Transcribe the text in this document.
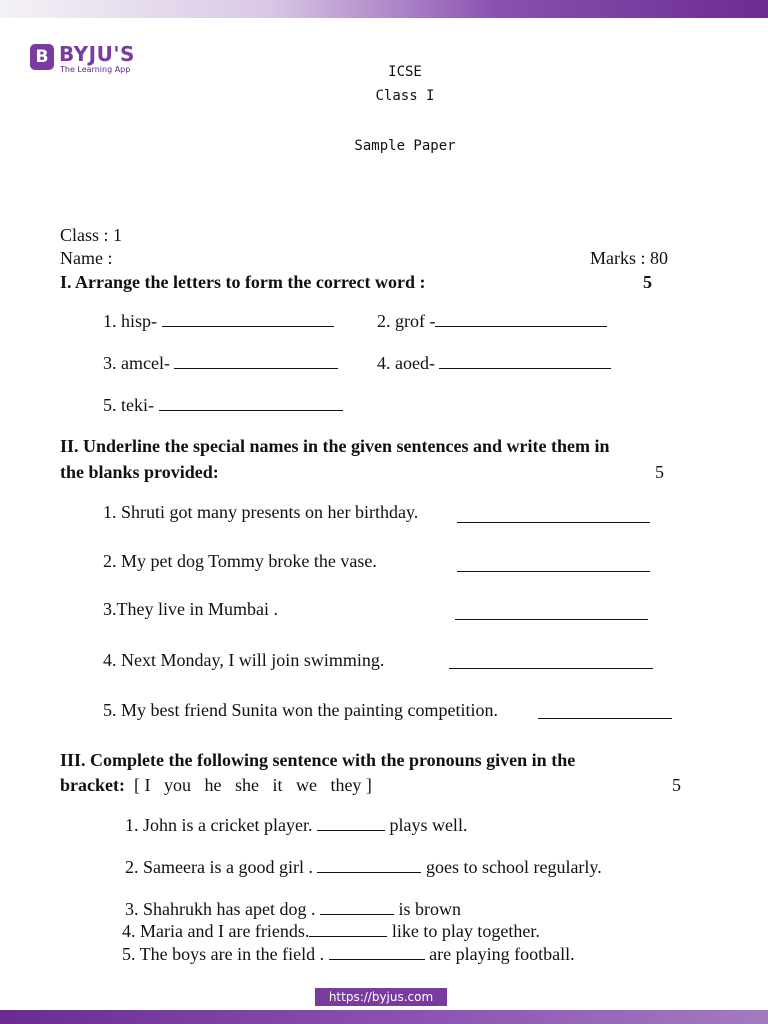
B BYJU'S
The Learning App	ICSE
Class I
Sample Paper
Class : 1
Name :	Marks : 80
I. Arrange the letters to form the correct word :	5
1. hisp-	2. grof -
3. amcel-	4. aoed-
5. teki-
II. Underline the special names in the given sentences and write them in
the blanks provided:	5
1. Shruti got many presents on her birthday.
2. My pet dog Tommy broke the vase.
3.They live in Mumbai .
4. Next Monday, I will join swimming.
5. My best friend Sunita won the painting competition.
III. Complete the following sentence with the pronouns given in the
bracket: [ I   you   he   she   it   we   they ]	5
1. John is a cricket player.	plays well.
2. Sameera is a good girl .	goes to school regularly.
3. Shahrukh has apet dog .	is brown
4. Maria and I are friends.	like to play together.
5. The boys are in the field .	are playing football.
https://byjus.com
